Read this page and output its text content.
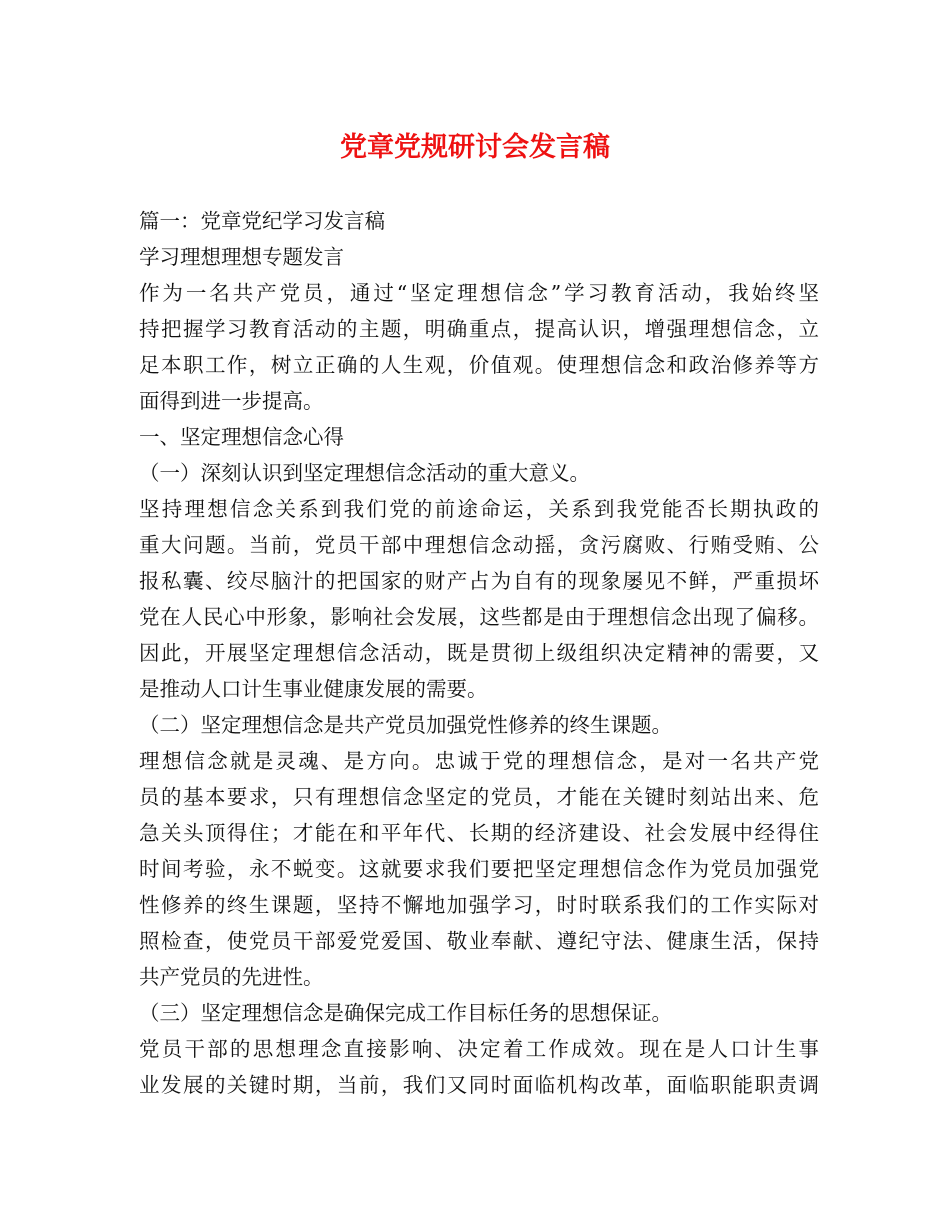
党章党规研讨会发言稿
篇一：党章党纪学习发言稿
学习理想理想专题发言
作为一名共产党员，通过“坚定理想信念”学习教育活动，我始终坚
持把握学习教育活动的主题，明确重点，提高认识，增强理想信念，立
足本职工作，树立正确的人生观，价值观。使理想信念和政治修养等方
面得到进一步提高。
一、坚定理想信念心得
（一）深刻认识到坚定理想信念活动的重大意义。
坚持理想信念关系到我们党的前途命运，关系到我党能否长期执政的
重大问题。当前，党员干部中理想信念动摇，贪污腐败、行贿受贿、公
报私囊、绞尽脑汁的把国家的财产占为自有的现象屡见不鲜，严重损坏
党在人民心中形象，影响社会发展，这些都是由于理想信念出现了偏移。
因此，开展坚定理想信念活动，既是贯彻上级组织决定精神的需要，又
是推动人口计生事业健康发展的需要。
（二）坚定理想信念是共产党员加强党性修养的终生课题。
理想信念就是灵魂、是方向。忠诚于党的理想信念，是对一名共产党
员的基本要求，只有理想信念坚定的党员，才能在关键时刻站出来、危
急关头顶得住；才能在和平年代、长期的经济建设、社会发展中经得住
时间考验，永不蜕变。这就要求我们要把坚定理想信念作为党员加强党
性修养的终生课题，坚持不懈地加强学习，时时联系我们的工作实际对
照检查，使党员干部爱党爱国、敬业奉献、遵纪守法、健康生活，保持
共产党员的先进性。
（三）坚定理想信念是确保完成工作目标任务的思想保证。
党员干部的思想理念直接影响、决定着工作成效。现在是人口计生事
业发展的关键时期，当前，我们又同时面临机构改革，面临职能职责调
